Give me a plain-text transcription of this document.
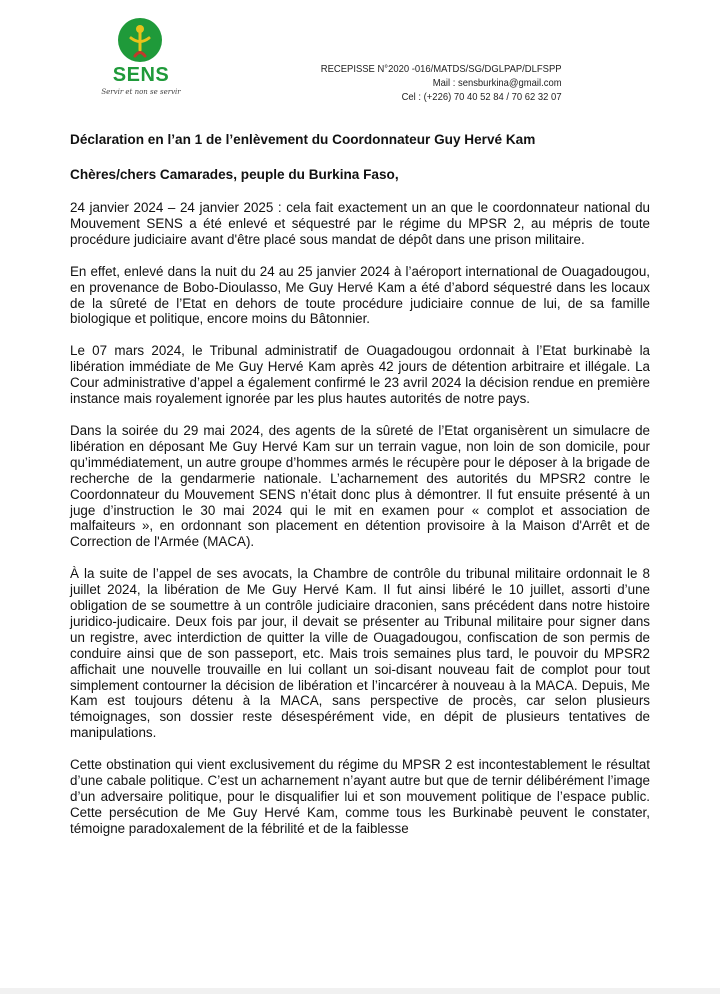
SENS
Servir et non se servir
RECEPISSE N°2020 -016/MATDS/SG/DGLPAP/DLFSPP
Mail : sensburkina@gmail.com
Cel : (+226) 70 40 52 84 / 70 62 32 07
Déclaration en l’an 1 de l’enlèvement du Coordonnateur Guy Hervé Kam
Chères/chers Camarades, peuple du Burkina Faso,

24 janvier 2024 – 24 janvier 2025 : cela fait exactement un an que le coordonnateur national du Mouvement SENS a été enlevé et séquestré par le régime du MPSR 2, au mépris de toute procédure judiciaire avant d'être placé sous mandat de dépôt dans une prison militaire.

En effet, enlevé dans la nuit du 24 au 25 janvier 2024 à l’aéroport international de Ouagadougou, en provenance de Bobo-Dioulasso, Me Guy Hervé Kam a été d’abord séquestré dans les locaux de la sûreté de l’Etat en dehors de toute procédure judiciaire connue de lui, de sa famille biologique et politique, encore moins du Bâtonnier.

Le 07 mars 2024, le Tribunal administratif de Ouagadougou ordonnait à l’Etat burkinabè la libération immédiate de Me Guy Hervé Kam après 42 jours de détention arbitraire et illégale. La Cour administrative d’appel a également confirmé le 23 avril 2024 la décision rendue en première instance mais royalement ignorée par les plus hautes autorités de notre pays.

Dans la soirée du 29 mai 2024, des agents de la sûreté de l’Etat organisèrent un simulacre de libération en déposant Me Guy Hervé Kam sur un terrain vague, non loin de son domicile, pour qu’immédiatement, un autre groupe d’hommes armés le récupère pour le déposer à la brigade de recherche de la gendarmerie nationale. L’acharnement des autorités du MPSR2 contre le Coordonnateur du Mouvement SENS n’était donc plus à démontrer. Il fut ensuite présenté à un juge d’instruction le 30 mai 2024 qui le mit en examen pour « complot et association de malfaiteurs », en ordonnant son placement en détention provisoire à la Maison d'Arrêt et de Correction de l'Armée (MACA).

À la suite de l’appel de ses avocats, la Chambre de contrôle du tribunal militaire ordonnait le 8 juillet 2024, la libération de Me Guy Hervé Kam. Il fut ainsi libéré le 10 juillet, assorti d’une obligation de se soumettre à un contrôle judiciaire draconien, sans précédent dans notre histoire juridico-judicaire. Deux fois par jour, il devait se présenter au Tribunal militaire pour signer dans un registre, avec interdiction de quitter la ville de Ouagadougou, confiscation de son permis de conduire ainsi que de son passeport, etc. Mais trois semaines plus tard, le pouvoir du MPSR2 affichait une nouvelle trouvaille en lui collant un soi-disant nouveau fait de complot pour tout simplement contourner la décision de libération et l’incarcérer à nouveau à la MACA. Depuis, Me Kam est toujours détenu à la MACA, sans perspective de procès, car selon plusieurs témoignages, son dossier reste désespérément vide, en dépit de plusieurs tentatives de manipulations.

Cette obstination qui vient exclusivement du régime du MPSR 2 est incontestablement le résultat d’une cabale politique. C’est un acharnement n’ayant autre but que de ternir délibérément l’image d’un adversaire politique, pour le disqualifier lui et son mouvement politique de l’espace public. Cette persécution de Me Guy Hervé Kam, comme tous les Burkinabè peuvent le constater, témoigne paradoxalement de la fébrilité et de la faiblesse
